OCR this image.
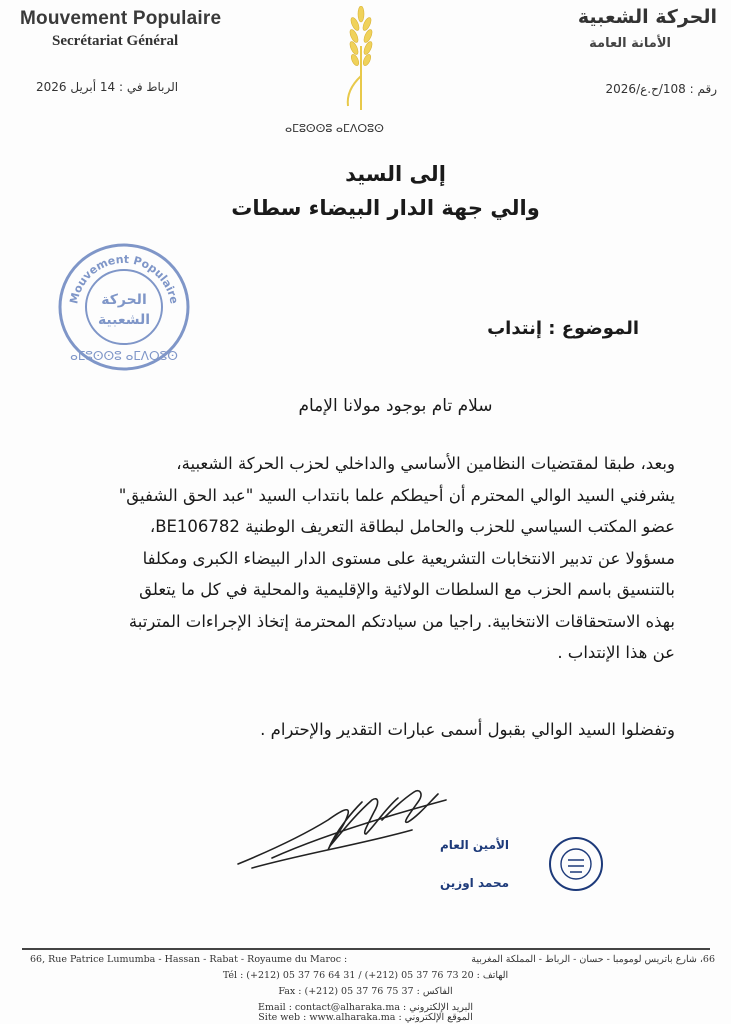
Mouvement Populaire
Secrétariat Général
الحركة الشعبية
الأمانة العامة
الرباط في : 14 أبريل 2026	رقم : 108/ح.ع/2026
ⴰⵎⵓⵙⵙⵓ ⴰⵎⴷⵔⵓⵙ
إلى السيد
والي جهة الدار البيضاء سطات
Mouvement Populaire
الحركة
الشعبية
ⴰⵎⵓⵙⵙⵓ ⴰⵎⴷⵔⵓⵙ
الموضوع : إنتداب
سلام تام بوجود مولانا الإمام

وبعد، طبقا لمقتضيات النظامين الأساسي والداخلي لحزب الحركة الشعبية،

يشرفني السيد الوالي المحترم أن أحيطكم علما بانتداب السيد "عبد الحق الشفيق"

عضو المكتب السياسي للحزب والحامل لبطاقة التعريف الوطنية BE106782،

مسؤولا عن تدبير الانتخابات التشريعية على مستوى الدار البيضاء الكبرى ومكلفا

بالتنسيق باسم الحزب مع السلطات الولائية والإقليمية والمحلية في كل ما يتعلق

بهذه الاستحقاقات الانتخابية. راجيا من سيادتكم المحترمة إتخاذ الإجراءات المترتبة

عن هذا الإنتداب .

وتفضلوا السيد الوالي بقبول أسمى عبارات التقدير والإحترام .
الأمين العام
محمد اوزين
66, Rue Patrice Lumumba - Hassan - Rabat - Royaume du Maroc :	66، شارع باتريس لومومبا - حسان - الرباط - المملكة المغربية
Tél : (+212) 05 37 76 64 31 / (+212) 05 37 76 73 20 : الهاتف
Fax : (+212) 05 37 76 75 37 : الفاكس
Email : contact@alharaka.ma : البريد الإلكتروني
Site web : www.alharaka.ma : الموقع الإلكتروني
